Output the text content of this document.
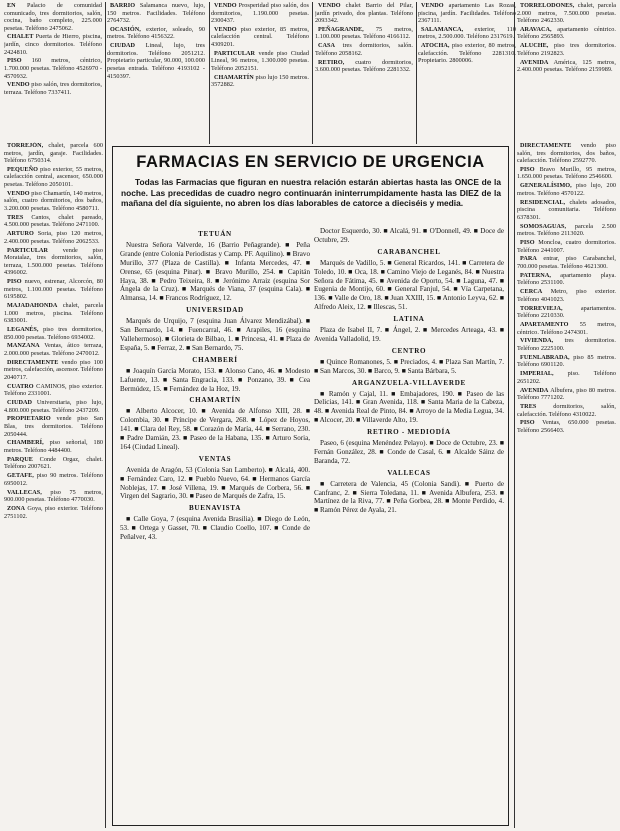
EN Palacio de comunidad comunicado, tres dormitorios, salón, cocina, baño completo, 225.000 pesetas. Teléfono 2475062.

CHALET Puerta de Hierro, piscina, jardín, cinco dormitorios. Teléfono 2424810.

PISO 160 metros, céntrico, 1.700.000 pesetas. Teléfono 4526970 - 4570932.

VENDO piso salón, tres dormitorios, terraza. Teléfono 7337411.

BARRIO Salamanca nuevo, lujo, 150 metros. Facilidades. Teléfono 2764732.

OCASIÓN, exterior, soleado, 90 metros. Teléfono 4156322.

CIUDAD Lineal, lujo, tres dormitorios. Teléfono 2051212. Propietario particular, 90.000, 100.000 pesetas entrada. Teléfono 4193102 - 4150397.

VENDO Prosperidad piso salón, dos dormitorios, 1.190.000 pesetas. 2300437.

VENDO piso exterior, 85 metros, calefacción central. Teléfono 4309201.

PARTICULAR vende piso Ciudad Lineal, 96 metros, 1.300.000 pesetas. Teléfono 2052151.

CHAMARTÍN piso lujo 150 metros. 3572882.

VENDO chalet Barrio del Pilar, jardín privado, dos plantas. Teléfono 2093342.

PEÑAGRANDE, 75 metros, 1.100.000 pesetas. Teléfono 4166112.

CASA tres dormitorios, salón. Teléfono 2058162.

RETIRO, cuatro dormitorios, 3.600.000 pesetas. Teléfono 2281332.

VENDO apartamento Las Rozas, piscina, jardín. Facilidades. Teléfono 2367111.

SALAMANCA, exterior, 110 metros, 2.500.000. Teléfono 2317619.

ATOCHA, piso exterior, 80 metros, calefacción. Teléfono 2281310. Propietario. 2800006.

TORREJÓN, chalet, parcela 600 metros, jardín, garaje. Facilidades. Teléfono 6750314.

PEQUEÑO piso exterior, 55 metros, calefacción central, ascensor, 650.000 pesetas. Teléfono 2050101.

VENDO piso Chamartín, 140 metros, salón, cuatro dormitorios, dos baños, 3.200.000 pesetas. Teléfono 4580711.

TRES Cantos, chalet pareado, 4.500.000 pesetas. Teléfono 2471100.

ARTURO Soria, piso 120 metros, 2.400.000 pesetas. Teléfono 2062533.

PARTICULAR vende piso Moratalaz, tres dormitorios, salón, terraza, 1.500.000 pesetas. Teléfono 4396002.

PISO nuevo, estrenar, Alcorcón, 80 metros, 1.100.000 pesetas. Teléfono 6195802.

MAJADAHONDA chalet, parcela 1.000 metros, piscina. Teléfono 6383001.

LEGANÉS, piso tres dormitorios, 850.000 pesetas. Teléfono 6934002.

MANZANA Ventas, ático terraza, 2.000.000 pesetas. Teléfono 2470012.

DIRECTAMENTE vendo piso 100 metros, calefacción, ascensor. Teléfono 2040717.

CUATRO CAMINOS, piso exterior. Teléfono 2331001.

CIUDAD Universitaria, piso lujo, 4.800.000 pesetas. Teléfono 2437209.

PROPIETARIO vende piso San Blas, tres dormitorios. Teléfono 2050444.

CHAMBERÍ, piso señorial, 180 metros. Teléfono 4484400.

PARQUE Conde Orgaz, chalet. Teléfono 2007621.

GETAFE, piso 90 metros. Teléfono 6950012.

VALLECAS, piso 75 metros, 900.000 pesetas. Teléfono 4770030.

ZONA Goya, piso exterior. Teléfono 2751102.

TORRELODONES, chalet, parcela 2.000 metros, 7.500.000 pesetas. Teléfono 2462330.

ARAVACA, apartamento céntrico. Teléfono 2565893.

ALUCHE, piso tres dormitorios. Teléfono 2192823.

AVENIDA América, 125 metros, 2.400.000 pesetas. Teléfono 2159989.

DIRECTAMENTE vendo piso salón, tres dormitorios, dos baños, calefacción. Teléfono 2592770.

PISO Bravo Murillo, 95 metros, 1.650.000 pesetas. Teléfono 2546600.

GENERALÍSIMO, piso lujo, 200 metros. Teléfono 4570122.

RESIDENCIAL, chalets adosados, piscina comunitaria. Teléfono 6378301.

SOMOSAGUAS, parcela 2.500 metros. Teléfono 2113020.

PISO Moncloa, cuatro dormitorios. Teléfono 2441007.

PARA entrar, piso Carabanchel, 700.000 pesetas. Teléfono 4621300.

PATERNA, apartamento playa. Teléfono 2531100.

CERCA Metro, piso exterior. Teléfono 4041023.

TORREVIEJA, apartamentos. Teléfono 2210330.

APARTAMENTO 55 metros, céntrico. Teléfono 2474301.

VIVIENDA, tres dormitorios. Teléfono 2225100.

FUENLABRADA, piso 85 metros. Teléfono 6901120.

IMPERIAL, piso. Teléfono 2651202.

AVENIDA Albufera, piso 80 metros. Teléfono 7771202.

TRES dormitorios, salón, calefacción. Teléfono 4310022.

PISO Ventas, 650.000 pesetas. Teléfono 2566403.

FARMACIAS EN SERVICIO DE URGENCIA
Todas las Farmacias que figuran en nuestra relación estarán abiertas hasta las ONCE de la noche. Las precedidas de cuadro negro continuarán ininterrumpidamente hasta las DIEZ de la mañana del día siguiente, no abren los días laborables de catorce a dieciséis y media.
TETUÁN

Nuestra Señora Valverde, 16 (Barrio Peñagrande). ■ Peña Grande (entre Colonia Periodistas y Camp. PF. Aquilino). ■ Bravo Murillo, 377 (Plaza de Castilla). ■ Infanta Mercedes, 47. ■ Orense, 65 (esquina Pinar). ■ Bravo Murillo, 254. ■ Capitán Haya, 38. ■ Pedro Teixeira, 8. ■ Jerónimo Arraiz (esquina Sor Ángela de la Cruz). ■ Marqués de Viana, 37 (esquina Cala). ■ Almansa, 14. ■ Francos Rodríguez, 12.

UNIVERSIDAD

Marqués de Urquijo, 7 (esquina Juan Álvarez Mendizábal). ■ San Bernardo, 14. ■ Fuencarral, 46. ■ Arapiles, 16 (esquina Vallehermoso). ■ Glorieta de Bilbao, 1. ■ Princesa, 41. ■ Plaza de España, 5. ■ Ferraz, 2. ■ San Bernardo, 75.

CHAMBERÍ

■ Joaquín García Morato, 153. ■ Alonso Cano, 46. ■ Modesto Lafuente, 13. ■ Santa Engracia, 133. ■ Ponzano, 39. ■ Cea Bermúdez, 15. ■ Fernández de la Hoz, 19.

CHAMARTÍN

■ Alberto Alcocer, 10. ■ Avenida de Alfonso XIII, 28. ■ Colombia, 30. ■ Príncipe de Vergara, 268. ■ López de Hoyos, 141. ■ Clara del Rey, 58. ■ Corazón de María, 44. ■ Serrano, 230. ■ Padre Damián, 23. ■ Paseo de la Habana, 135. ■ Arturo Soria, 164 (Ciudad Lineal).

VENTAS

Avenida de Aragón, 53 (Colonia San Lamberto). ■ Alcalá, 400. ■ Fernández Caro, 12. ■ Pueblo Nuevo, 64. ■ Hermanos García Noblejas, 17. ■ José Villena, 19. ■ Marqués de Corbera, 56. ■ Virgen del Sagrario, 30. ■ Paseo de Marqués de Zafra, 15.

BUENAVISTA

■ Calle Goya, 7 (esquina Avenida Brasilia). ■ Diego de León, 53. ■ Ortega y Gasset, 70. ■ Claudio Coello, 107. ■ Conde de Peñalver, 43.

Doctor Esquerdo, 30. ■ Alcalá, 91. ■ O'Donnell, 49. ■ Doce de Octubre, 29.

CARABANCHEL

Marqués de Vadillo, 5. ■ General Ricardos, 141. ■ Carretera de Toledo, 10. ■ Oca, 18. ■ Camino Viejo de Leganés, 84. ■ Nuestra Señora de Fátima, 45. ■ Avenida de Oporto, 54. ■ Laguna, 47. ■ Eugenia de Montijo, 60. ■ General Fanjul, 54. ■ Vía Carpetana, 136. ■ Valle de Oro, 18. ■ Juan XXIII, 15. ■ Antonio Leyva, 62. ■ Alfredo Aleix, 12. ■ Illescas, 51.

LATINA

Plaza de Isabel II, 7. ■ Ángel, 2. ■ Mercedes Arteaga, 43. ■ Avenida Valladolid, 19.

CENTRO

■ Quince Romanones, 5. ■ Preciados, 4. ■ Plaza San Martín, 7. ■ San Marcos, 30. ■ Barco, 9. ■ Santa Bárbara, 5.

ARGANZUELA-VILLAVERDE

■ Ramón y Cajal, 11. ■ Embajadores, 190. ■ Paseo de las Delicias, 141. ■ Gran Avenida, 118. ■ Santa Maria de la Cabeza, 48. ■ Avenida Real de Pinto, 84. ■ Arroyo de la Media Legua, 34. ■ Alcocer, 20. ■ Villaverde Alto, 19.

RETIRO - MEDIODÍA

Paseo, 6 (esquina Menéndez Pelayo). ■ Doce de Octubre, 23. ■ Fernán González, 28. ■ Conde de Casal, 6. ■ Alcalde Sáinz de Baranda, 72.

VALLECAS

■ Carretera de Valencia, 45 (Colonia Sandi). ■ Puerto de Canfranc, 2. ■ Sierra Toledana, 11. ■ Avenida Albufera, 253. ■ Martínez de la Riva, 77. ■ Peña Gorbea, 28. ■ Monte Perdido, 4. ■ Ramón Pérez de Ayala, 21.
